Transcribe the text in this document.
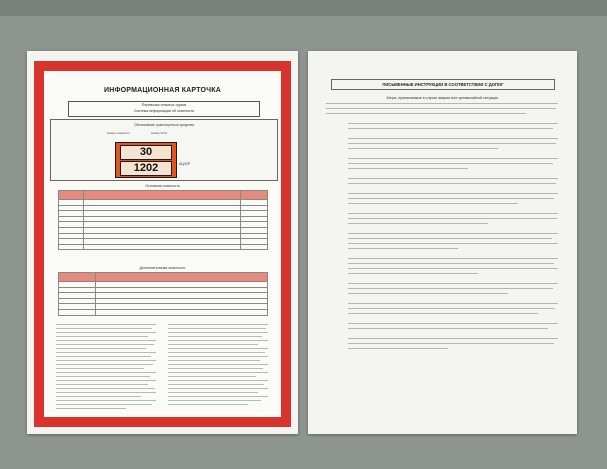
ИНФОРМАЦИОННАЯ КАРТОЧКА
Перевозка опасных грузов
Система информации об опасности
Обозначение транспортного средства
Номер опасности	Номер ООН
30
1202	АЦ/DP
Основная опасность

Дополнительная опасность

ПИСЬМЕННЫЕ ИНСТРУКЦИИ В СООТВЕТСТВИИ С ДОПОГ
Меры, принимаемые в случае аварии или чрезвычайной ситуации
